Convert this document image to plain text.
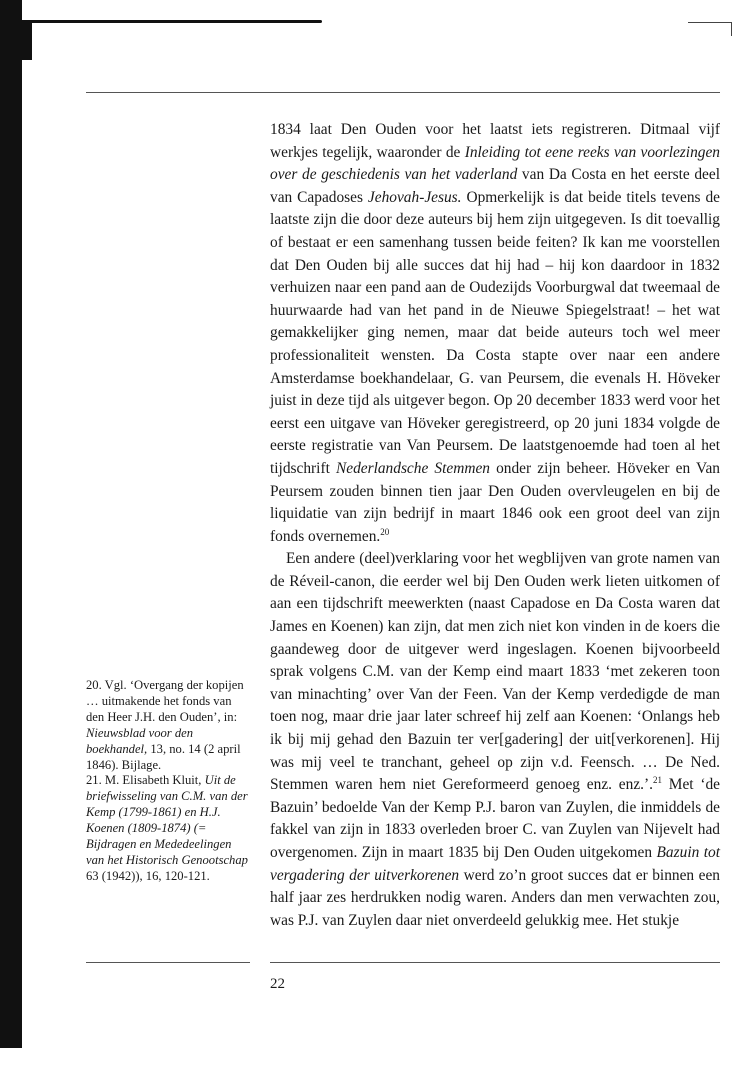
1834 laat Den Ouden voor het laatst iets registreren. Ditmaal vijf werkjes tegelijk, waaronder de Inleiding tot eene reeks van voorlezingen over de geschiedenis van het vaderland van Da Costa en het eerste deel van Capadoses Jehovah-Jesus. Opmerkelijk is dat beide titels tevens de laatste zijn die door deze auteurs bij hem zijn uitgegeven. Is dit toevallig of bestaat er een samenhang tussen beide feiten? Ik kan me voorstellen dat Den Ouden bij alle succes dat hij had – hij kon daardoor in 1832 verhuizen naar een pand aan de Oudezijds Voorburgwal dat tweemaal de huurwaarde had van het pand in de Nieuwe Spiegelstraat! – het wat gemakkelijker ging nemen, maar dat beide auteurs toch wel meer professionaliteit wensten. Da Costa stapte over naar een andere Amsterdamse boekhandelaar, G. van Peursem, die evenals H. Höveker juist in deze tijd als uitgever begon. Op 20 december 1833 werd voor het eerst een uitgave van Höveker geregistreerd, op 20 juni 1834 volgde de eerste registratie van Van Peursem. De laatstgenoemde had toen al het tijdschrift Nederlandsche Stemmen onder zijn beheer. Höveker en Van Peursem zouden binnen tien jaar Den Ouden overvleugelen en bij de liquidatie van zijn bedrijf in maart 1846 ook een groot deel van zijn fonds overnemen.$^{20}$

Een andere (deel)verklaring voor het wegblijven van grote namen van de Réveil-canon, die eerder wel bij Den Ouden werk lieten uitkomen of aan een tijdschrift meewerkten (naast Capadose en Da Costa waren dat James en Koenen) kan zijn, dat men zich niet kon vinden in de koers die gaandeweg door de uitgever werd ingeslagen. Koenen bijvoorbeeld sprak volgens C.M. van der Kemp eind maart 1833 ‘met zekeren toon van minachting’ over Van der Feen. Van der Kemp verdedigde de man toen nog, maar drie jaar later schreef hij zelf aan Koenen: ‘Onlangs heb ik bij mij gehad den Bazuin ter ver[gadering] der uit[verkorenen]. Hij was mij veel te tranchant, geheel op zijn v.d. Feensch. … De Ned. Stemmen waren hem niet Gereformeerd genoeg enz. enz.’.$^{21}$ Met ‘de Bazuin’ bedoelde Van der Kemp P.J. baron van Zuylen, die inmiddels de fakkel van zijn in 1833 overleden broer C. van Zuylen van Nijevelt had overgenomen. Zijn in maart 1835 bij Den Ouden uitgekomen Bazuin tot vergadering der uitverkorenen werd zo’n groot succes dat er binnen een half jaar zes herdrukken nodig waren. Anders dan men verwachten zou, was P.J. van Zuylen daar niet onverdeeld gelukkig mee. Het stukje

20. Vgl. ‘Overgang der kopijen … uitmakende het fonds van den Heer J.H. den Ouden’, in: Nieuwsblad voor den boekhandel, 13, no. 14 (2 april 1846). Bijlage.

21. M. Elisabeth Kluit, Uit de briefwisseling van C.M. van der Kemp (1799-1861) en H.J. Koenen (1809-1874) (= Bijdragen en Mededeelingen van het Historisch Genootschap 63 (1942)), 16, 120-121.

22
